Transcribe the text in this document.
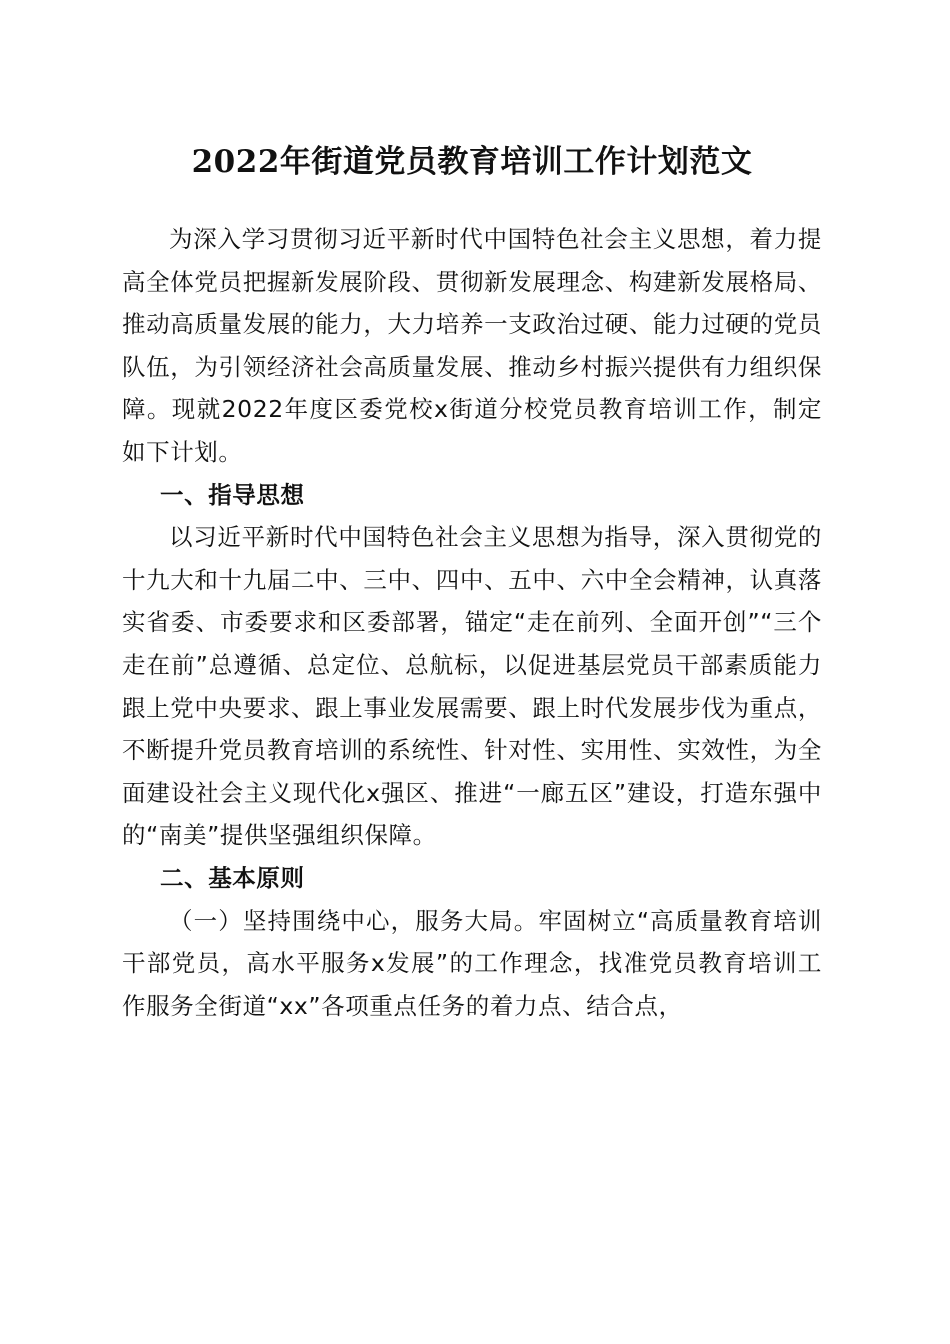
2022年街道党员教育培训工作计划范文

为深入学习贯彻习近平新时代中国特色社会主义思想，着力提高全体党员把握新发展阶段、贯彻新发展理念、构建新发展格局、推动高质量发展的能力，大力培养一支政治过硬、能力过硬的党员队伍，为引领经济社会高质量发展、推动乡村振兴提供有力组织保障。现就2022年度区委党校x街道分校党员教育培训工作，制定如下计划。

一、指导思想

以习近平新时代中国特色社会主义思想为指导，深入贯彻党的十九大和十九届二中、三中、四中、五中、六中全会精神，认真落实省委、市委要求和区委部署，锚定“走在前列、全面开创”“三个走在前”总遵循、总定位、总航标，以促进基层党员干部素质能力跟上党中央要求、跟上事业发展需要、跟上时代发展步伐为重点，不断提升党员教育培训的系统性、针对性、实用性、实效性，为全面建设社会主义现代化x强区、推进“一廊五区”建设，打造东强中的“南美”提供坚强组织保障。

二、基本原则

（一）坚持围绕中心，服务大局。牢固树立“高质量教育培训干部党员，高水平服务x发展”的工作理念，找准党员教育培训工作服务全街道“xx”各项重点任务的着力点、结合点，
